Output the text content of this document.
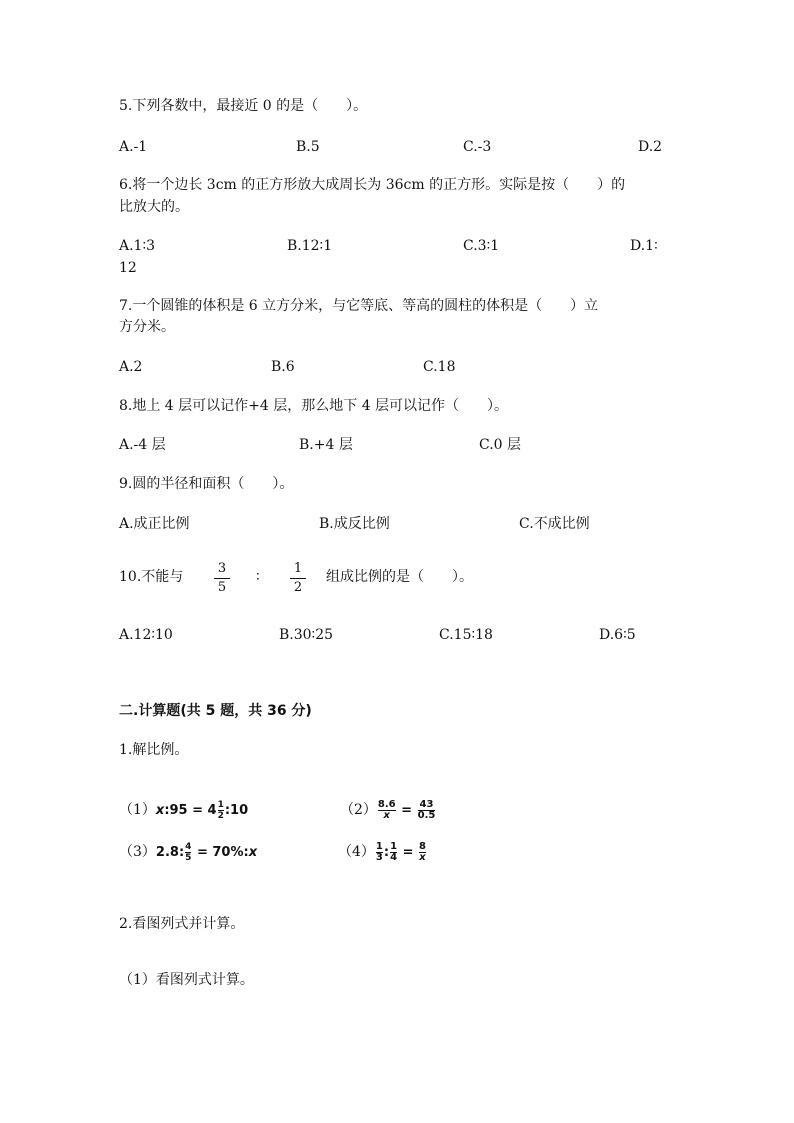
5.下列各数中，最接近 0 的是（　　）。
A.-1	B.5	C.-3	D.2
6.将一个边长 3cm 的正方形放大成周长为 36cm 的正方形。实际是按（　　）的
比放大的。
A.1∶3	B.12∶1	C.3∶1	D.1∶
12
7.一个圆锥的体积是 6 立方分米，与它等底、等高的圆柱的体积是（　　）立
方分米。
A.2	B.6	C.18
8.地上 4 层可以记作+4 层，那么地下 4 层可以记作（　　）。
A.-4 层	B.+4 层	C.0 层
9.圆的半径和面积（　　）。
A.成正比例	B.成反比例	C.不成比例
10.不能与
3
5
∶
1
2
组成比例的是（　　）。
A.12∶10	B.30∶25	C.15∶18	D.6∶5
二.计算题(共 5 题，共 36 分)
1.解比例。
（1）x:95 = $4 \frac{1}{2}$ :10	$(2) \frac{8.6}{x} = \frac{43}{0.5}$
（3）2.8: $\frac{4}{5}$ = 70%:x	$(4) \frac{1}{3}$ : $\frac{1}{4} = \frac{8}{x}$
2.看图列式并计算。
（1）看图列式计算。
